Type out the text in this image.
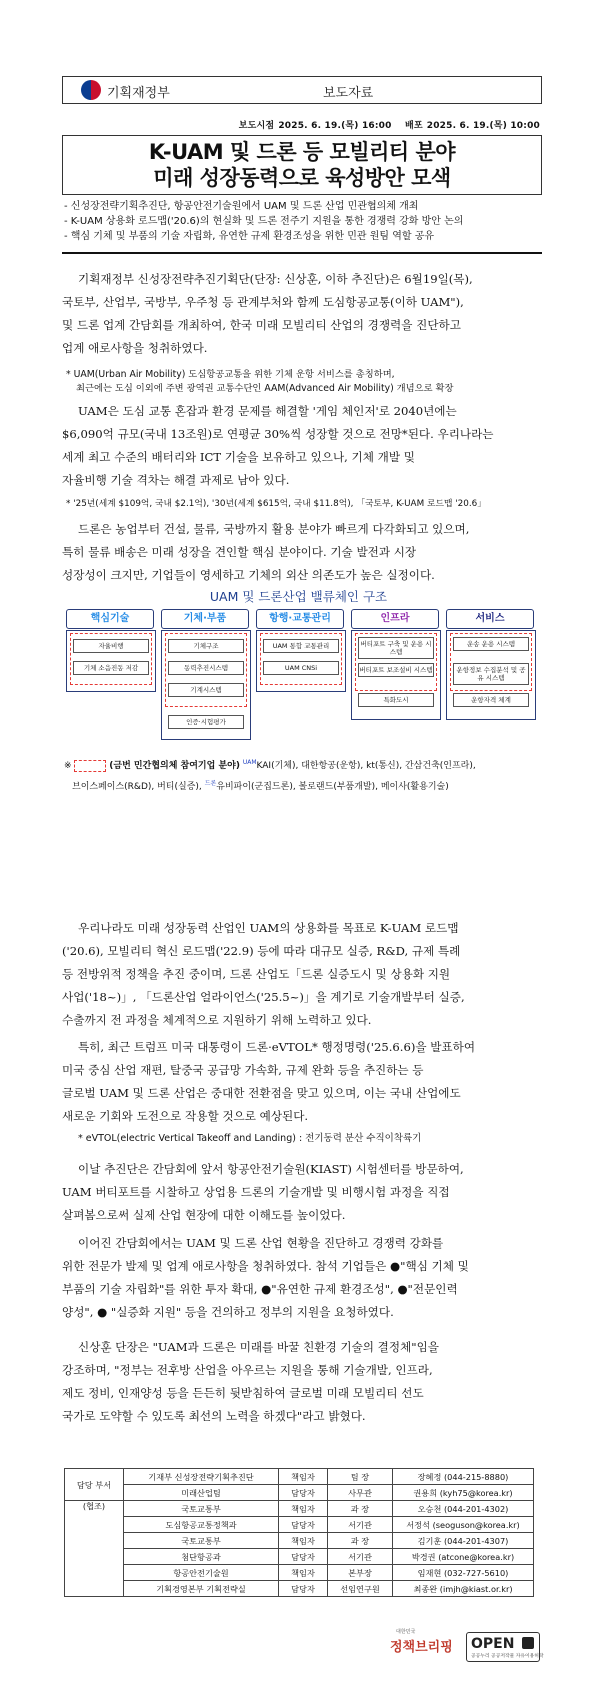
기획재정부	보도자료
보도시점 2025. 6. 19.(목) 16:00 배포 2025. 6. 19.(목) 10:00
K-UAM 및 드론 등 모빌리티 분야
미래 성장동력으로 육성방안 모색
- 신성장전략기획추진단, 항공안전기술원에서 UAM 및 드론 산업 민관협의체 개최
- K-UAM 상용화 로드맵('20.6)의 현실화 및 드론 전주기 지원을 통한 경쟁력 강화 방안 논의
- 핵심 기체 및 부품의 기술 자립화, 유연한 규제 환경조성을 위한 민관 원팀 역할 공유
기획재정부 신성장전략추진기획단(단장: 신상훈, 이하 추진단)은 6월19일(목),
국토부, 산업부, 국방부, 우주청 등 관계부처와 함께 도심항공교통(이하 UAM"),
및 드론 업계 간담회를 개최하여, 한국 미래 모빌리티 산업의 경쟁력을 진단하고
업계 애로사항을 청취하였다.
* UAM(Urban Air Mobility) 도심항공교통을 위한 기체 운항 서비스를 총칭하며,
최근에는 도심 이외에 주변 광역권 교통수단인 AAM(Advanced Air Mobility) 개념으로 확장
UAM은 도심 교통 혼잡과 환경 문제를 해결할 '게임 체인저'로 2040년에는
$6,090억 규모(국내 13조원)로 연평균 30%씩 성장할 것으로 전망*된다. 우리나라는
세계 최고 수준의 배터리와 ICT 기술을 보유하고 있으나, 기체 개발 및
자율비행 기술 격차는 해결 과제로 남아 있다.
* '25년(세계 $109억, 국내 $2.1억), '30년(세계 $615억, 국내 $11.8억), 「국토부, K-UAM 로드맵 '20.6」
드론은 농업부터 건설, 물류, 국방까지 활용 분야가 빠르게 다각화되고 있으며,
특히 물류 배송은 미래 성장을 견인할 핵심 분야이다. 기술 발전과 시장
성장성이 크지만, 기업들이 영세하고 기체의 외산 의존도가 높은 실정이다.
UAM 및 드론산업 밸류체인 구조
핵심기술
자율비행
기체 소음진동 저감
기체·부품
기체구조
동력추진시스템
기계시스템
인증·시험평가
항행·교통관리
UAM 통합 교통관리
UAM CNSi
인프라
버티포트 구축 및 운용 시스템
버티포트 보조설비 시스템
특화도시
서비스
운송 운용 시스템
운항정보 수집분석 및 공유 시스템
운항자격 체계
※	(금번 민간협의체 참여기업 분야) $^{UAM}$KAI(기체), 대한항공(운항), kt(통신), 간삼건축(인프라),
브이스페이스(R&D), 버티(실증), $^{드론}$유비파이(군집드론), 볼로랜드(부품개발), 메이사(활용기술)
우리나라도 미래 성장동력 산업인 UAM의 상용화를 목표로 K-UAM 로드맵
('20.6), 모빌리티 혁신 로드맵('22.9) 등에 따라 대규모 실증, R&D, 규제 특례
등 전방위적 정책을 추진 중이며, 드론 산업도「드론 실증도시 및 상용화 지원
사업('18~)」, 「드론산업 얼라이언스('25.5~)」을 계기로 기술개발부터 실증,
수출까지 전 과정을 체계적으로 지원하기 위해 노력하고 있다.
특히, 최근 트럼프 미국 대통령이 드론·eVTOL* 행정명령('25.6.6)을 발표하여
미국 중심 산업 재편, 탈중국 공급망 가속화, 규제 완화 등을 추진하는 등
글로벌 UAM 및 드론 산업은 중대한 전환점을 맞고 있으며, 이는 국내 산업에도
새로운 기회와 도전으로 작용할 것으로 예상된다.
* eVTOL(electric Vertical Takeoff and Landing) : 전기동력 분산 수직이착륙기
이날 추진단은 간담회에 앞서 항공안전기술원(KIAST) 시험센터를 방문하여,
UAM 버티포트를 시찰하고 상업용 드론의 기술개발 및 비행시험 과정을 직접
살펴봄으로써 실제 산업 현장에 대한 이해도를 높이었다.
이어진 간담회에서는 UAM 및 드론 산업 현황을 진단하고 경쟁력 강화를
위한 전문가 발제 및 업계 애로사항을 청취하였다. 참석 기업들은 ●"핵심 기체 및
부품의 기술 자립화"를 위한 투자 확대, ●"유연한 규제 환경조성", ●"전문인력
양성", ● "실증화 지원" 등을 건의하고 정부의 지원을 요청하였다.
신상훈 단장은 "UAM과 드론은 미래를 바꿀 친환경 기술의 결정체"임을
강조하며, "정부는 전후방 산업을 아우르는 지원을 통해 기술개발, 인프라,
제도 정비, 인재양성 등을 든든히 뒷받침하여 글로벌 미래 모빌리티 선도
국가로 도약할 수 있도록 최선의 노력을 하겠다"라고 밝혔다.
담당 부서	기재부 신성장전략기획추진단	책임자	팀 장	장혜정 (044-215-8880)
	미래산업팀	담당자	사무관	권용희 (kyh75@korea.kr)
(협조)	국토교통부	책임자	과 장	오승천 (044-201-4302)
	도심항공교통정책과	담당자	서기관	서정석 (seoguson@korea.kr)
	국토교통부	책임자	과 장	김기훈 (044-201-4307)
	첨단항공과	담당자	서기관	박경권 (atcone@korea.kr)
	항공안전기술원	책임자	본부장	임재현 (032-727-5610)
	기획경영본부 기획전략실	담당자	선임연구원	최종완 (imjh@kiast.or.kr)
대한민국
정책브리핑 OPEN
공공누리 공공저작물 자유이용허락
